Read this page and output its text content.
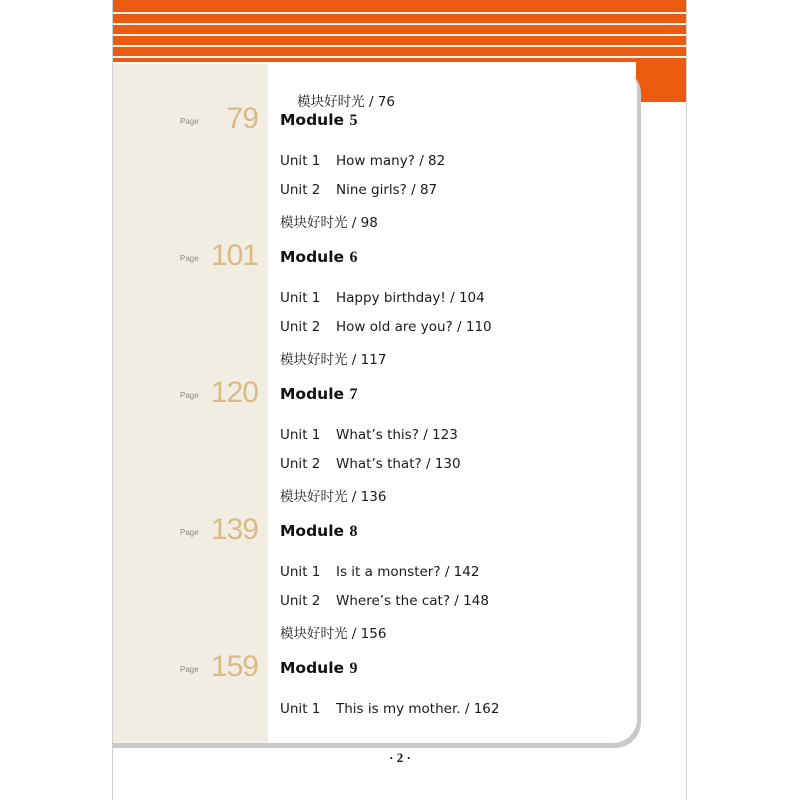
模块好时光 / 76

Page 79 Module 5
Unit 1 How many? / 82
Unit 2 Nine girls? / 87
模块好时光 / 98
Page 101 Module 6
Unit 1 Happy birthday! / 104
Unit 2 How old are you? / 110
模块好时光 / 117
Page 120 Module 7
Unit 1 What’s this? / 123
Unit 2 What’s that? / 130
模块好时光 / 136
Page 139 Module 8
Unit 1 Is it a monster? / 142
Unit 2 Where’s the cat? / 148
模块好时光 / 156
Page 159 Module 9
Unit 1 This is my mother. / 162
· 2 ·
